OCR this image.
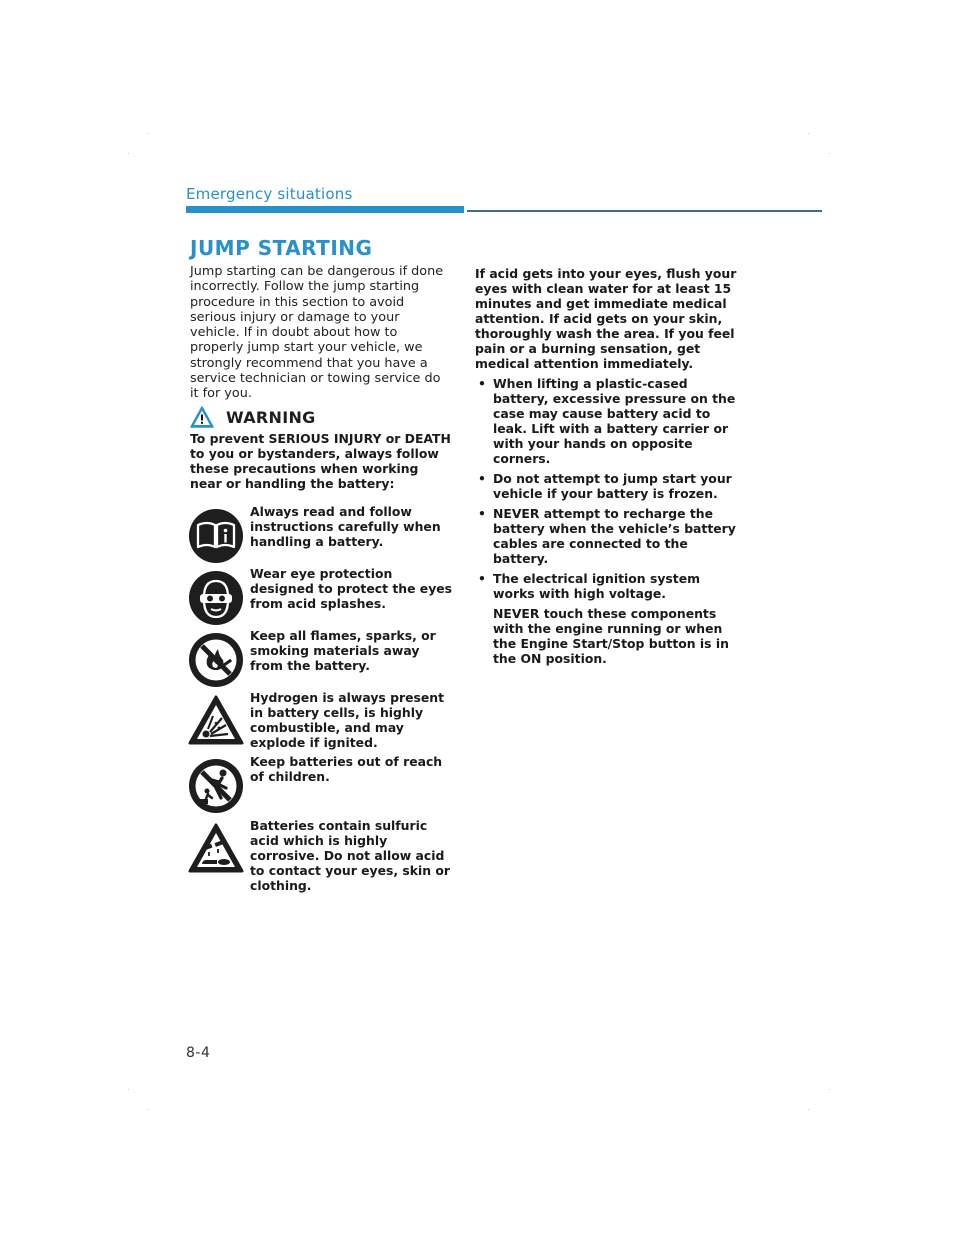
Emergency situations
JUMP STARTING

Jump starting can be dangerous if done incorrectly. Follow the jump starting procedure in this section to avoid serious injury or damage to your vehicle. If in doubt about how to properly jump start your vehicle, we strongly recommend that you have a service technician or towing service do it for you.

WARNING

To prevent SERIOUS INJURY or DEATH to you or bystanders, always follow these precautions when working near or handling the battery:

Always read and follow instructions carefully when handling a battery.

Wear eye protection designed to protect the eyes from acid splashes.

Keep all flames, sparks, or smoking materials away from the battery.

Hydrogen is always present in battery cells, is highly combustible, and may explode if ignited.

Keep batteries out of reach of children.

Batteries contain sulfuric acid which is highly corrosive. Do not allow acid to contact your eyes, skin or clothing.

If acid gets into your eyes, flush your eyes with clean water for at least 15 minutes and get immediate medical attention. If acid gets on your skin, thoroughly wash the area. If you feel pain or a burning sensation, get medical attention immediately.

• When lifting a plastic-cased battery, excessive pressure on the case may cause battery acid to leak. Lift with a battery carrier or with your hands on opposite corners.
• Do not attempt to jump start your vehicle if your battery is frozen.
• NEVER attempt to recharge the battery when the vehicle’s battery cables are connected to the battery.
• The electrical ignition system works with high voltage.
NEVER touch these components with the engine running or when the Engine Start/Stop button is in the ON position.
8-4
